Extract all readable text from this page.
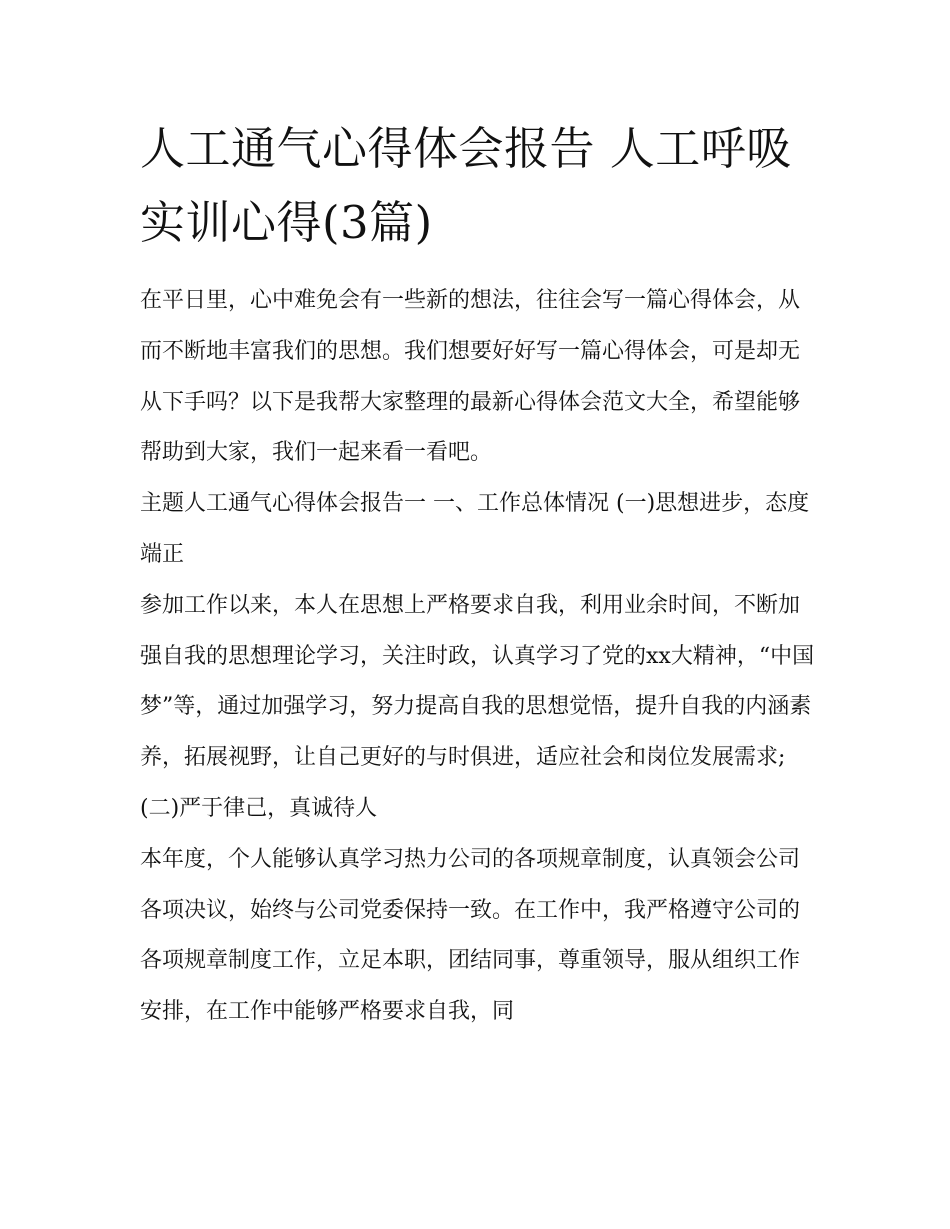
人工通气心得体会报告 人工呼吸实训心得(3篇)

在平日里，心中难免会有一些新的想法，往往会写一篇心得体会，从而不断地丰富我们的思想。我们想要好好写一篇心得体会，可是却无从下手吗？以下是我帮大家整理的最新心得体会范文大全，希望能够帮助到大家，我们一起来看一看吧。

主题人工通气心得体会报告一 一、工作总体情况 (一)思想进步，态度端正

参加工作以来，本人在思想上严格要求自我，利用业余时间，不断加强自我的思想理论学习，关注时政，认真学习了党的xx大精神，“中国梦”等，通过加强学习，努力提高自我的思想觉悟，提升自我的内涵素养，拓展视野，让自己更好的与时俱进，适应社会和岗位发展需求;

(二)严于律己，真诚待人

本年度，个人能够认真学习热力公司的各项规章制度，认真领会公司各项决议，始终与公司党委保持一致。在工作中，我严格遵守公司的各项规章制度工作，立足本职，团结同事，尊重领导，服从组织工作安排，在工作中能够严格要求自我，同
